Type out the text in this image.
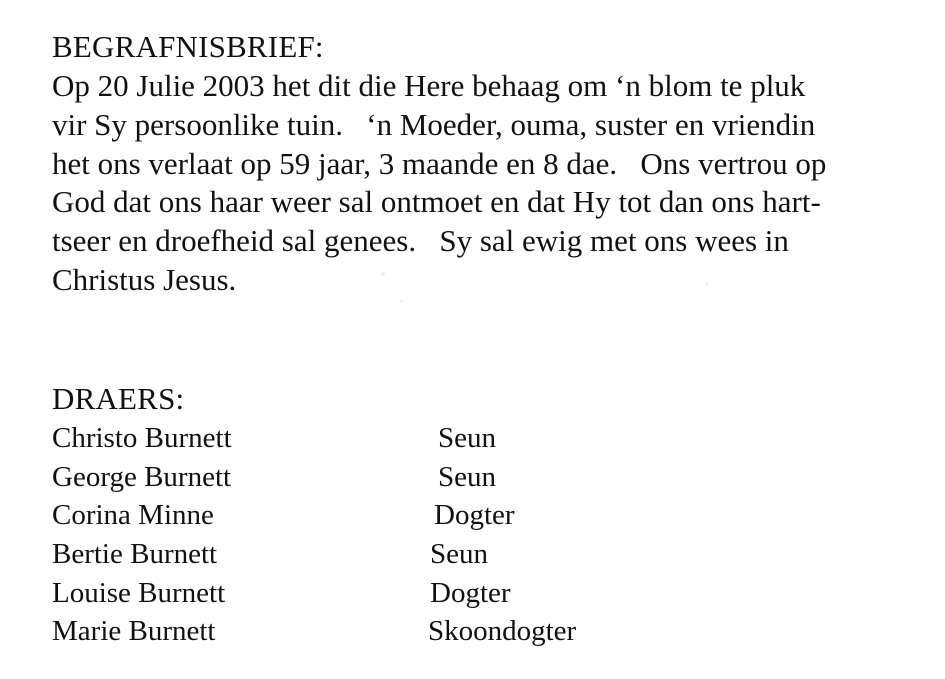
BEGRAFNISBRIEF:
Op 20 Julie 2003 het dit die Here behaag om ‘n blom te pluk
vir Sy persoonlike tuin.   ‘n Moeder, ouma, suster en vriendin
het ons verlaat op 59 jaar, 3 maande en 8 dae.   Ons vertrou op
God dat ons haar weer sal ontmoet en dat Hy tot dan ons hart-
tseer en droefheid sal genees.   Sy sal ewig met ons wees in
Christus Jesus.
DRAERS:
Christo Burnett	Seun
George Burnett	Seun
Corina Minne	Dogter
Bertie Burnett	Seun
Louise Burnett	Dogter
Marie Burnett	Skoondogter
